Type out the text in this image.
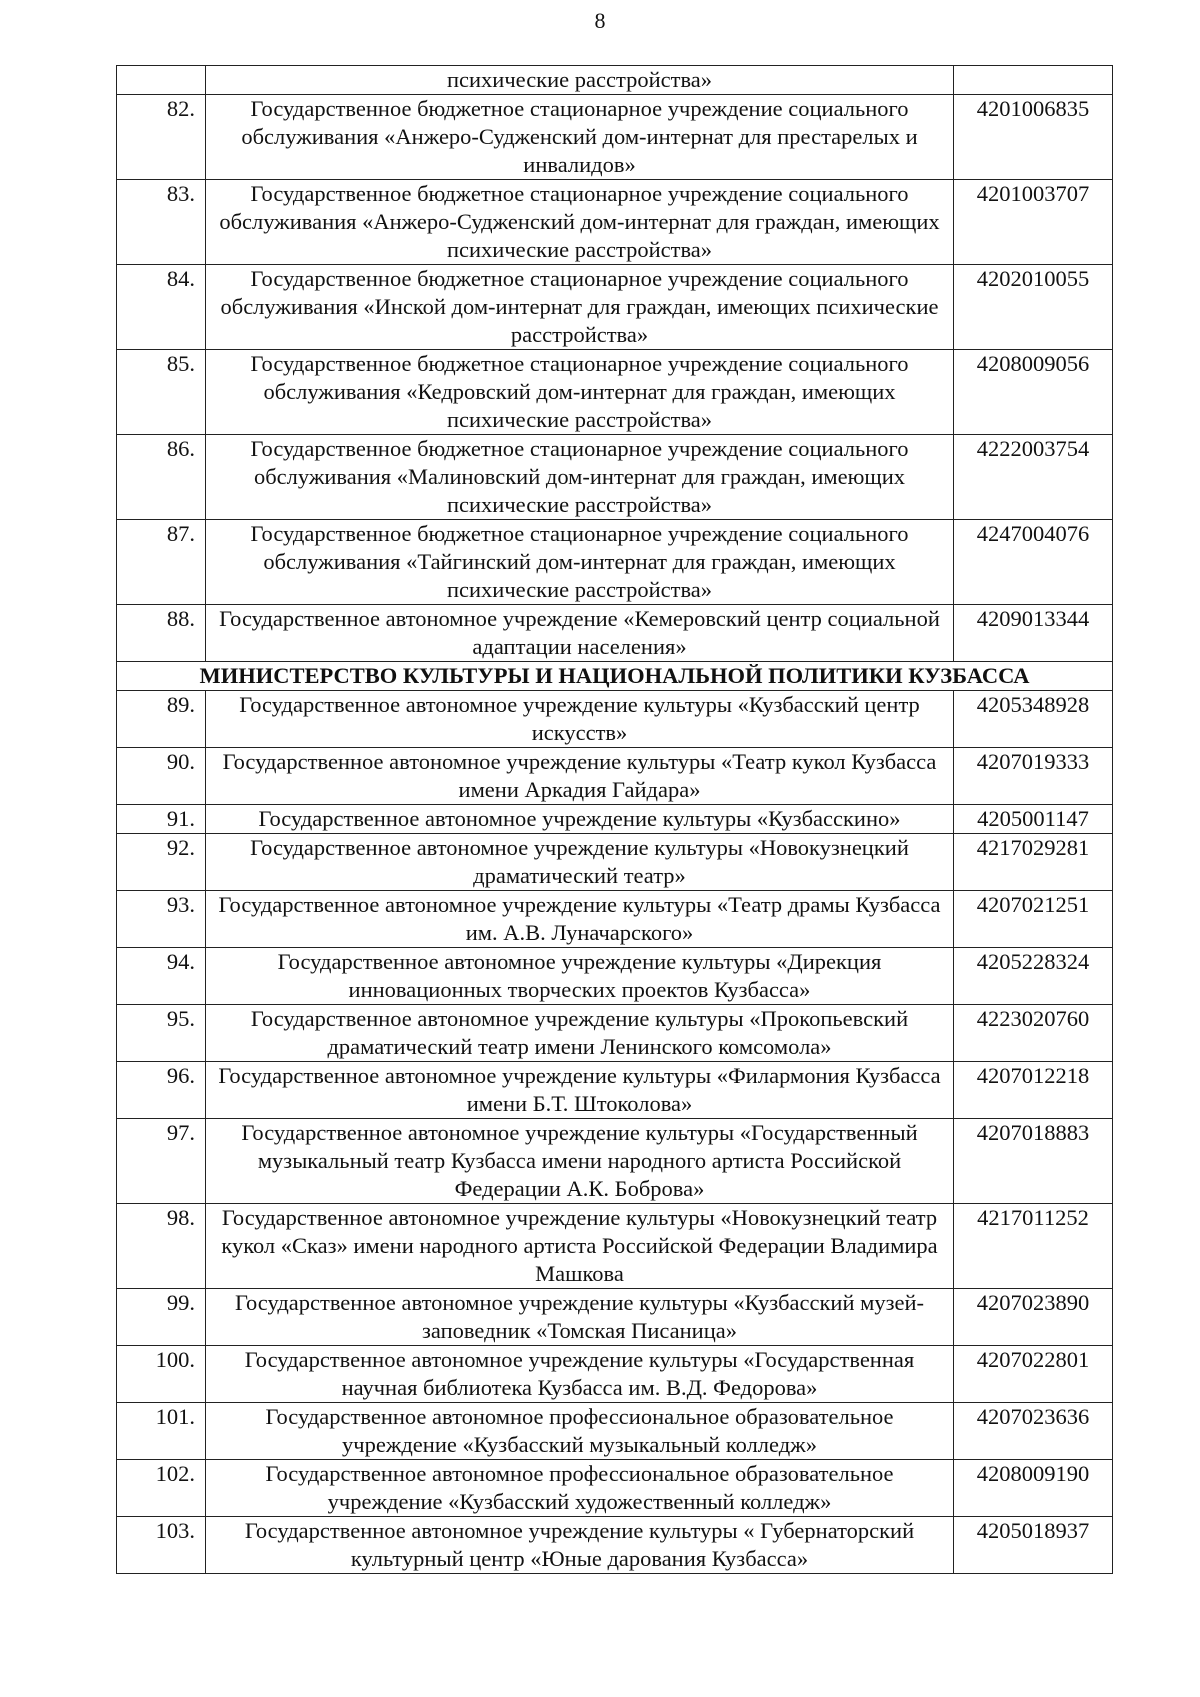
8
	психические расстройства»	
82.	Государственное бюджетное стационарное учреждение социального обслуживания «Анжеро-Судженский дом-интернат для престарелых и инвалидов»	4201006835
83.	Государственное бюджетное стационарное учреждение социального обслуживания «Анжеро-Судженский дом-интернат для граждан, имеющих психические расстройства»	4201003707
84.	Государственное бюджетное стационарное учреждение социального обслуживания «Инской дом-интернат для граждан, имеющих психические расстройства»	4202010055
85.	Государственное бюджетное стационарное учреждение социального обслуживания «Кедровский дом-интернат для граждан, имеющих психические расстройства»	4208009056
86.	Государственное бюджетное стационарное учреждение социального обслуживания «Малиновский дом-интернат для граждан, имеющих психические расстройства»	4222003754
87.	Государственное бюджетное стационарное учреждение социального обслуживания «Тайгинский дом-интернат для граждан, имеющих психические расстройства»	4247004076
88.	Государственное автономное учреждение «Кемеровский центр социальной адаптации населения»	4209013344
МИНИСТЕРСТВО КУЛЬТУРЫ И НАЦИОНАЛЬНОЙ ПОЛИТИКИ КУЗБАССА		
89.	Государственное автономное учреждение культуры «Кузбасский центр искусств»	4205348928
90.	Государственное автономное учреждение культуры «Театр кукол Кузбасса имени Аркадия Гайдара»	4207019333
91.	Государственное автономное учреждение культуры «Кузбасскино»	4205001147
92.	Государственное автономное учреждение культуры «Новокузнецкий драматический театр»	4217029281
93.	Государственное автономное учреждение культуры «Театр драмы Кузбасса им. А.В. Луначарского»	4207021251
94.	Государственное автономное учреждение культуры «Дирекция инновационных творческих проектов Кузбасса»	4205228324
95.	Государственное автономное учреждение культуры «Прокопьевский драматический театр имени Ленинского комсомола»	4223020760
96.	Государственное автономное учреждение культуры «Филармония Кузбасса имени Б.Т. Штоколова»	4207012218
97.	Государственное автономное учреждение культуры «Государственный музыкальный театр Кузбасса имени народного артиста Российской Федерации А.К. Боброва»	4207018883
98.	Государственное автономное учреждение культуры «Новокузнецкий театр кукол «Сказ» имени народного артиста Российской Федерации Владимира Машкова	4217011252
99.	Государственное автономное учреждение культуры «Кузбасский музей-заповедник «Томская Писаница»	4207023890
100.	Государственное автономное учреждение культуры «Государственная научная библиотека Кузбасса им. В.Д. Федорова»	4207022801
101.	Государственное автономное профессиональное образовательное учреждение «Кузбасский музыкальный колледж»	4207023636
102.	Государственное автономное профессиональное образовательное учреждение «Кузбасский художественный колледж»	4208009190
103.	Государственное автономное учреждение культуры « Губернаторский культурный центр «Юные дарования Кузбасса»	4205018937
